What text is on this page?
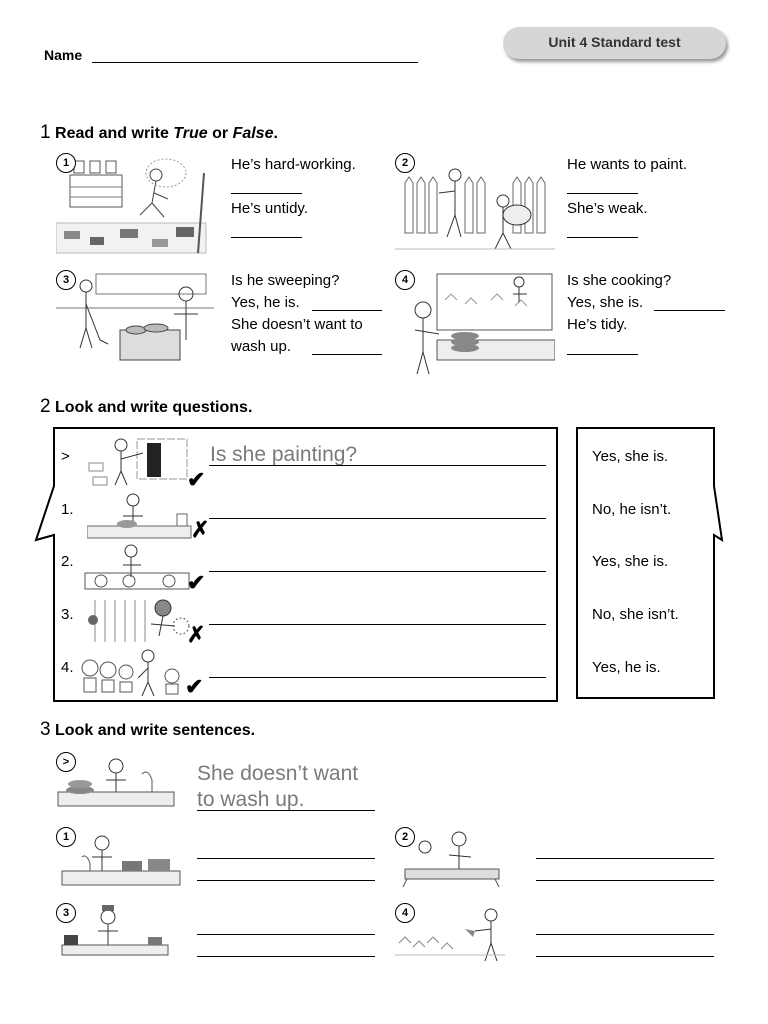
Name
Unit 4 Standard test
1 Read and write True or False.
1	He’s hard-working.
He’s untidy.
2	He wants to paint.
She’s weak.
3	Is he sweeping?
Yes, he is.
She doesn’t want to
wash up.
4	Is she cooking?
Yes, she is.
He’s tidy.
2 Look and write questions.
>
✔
Is she painting?	Yes, she is.
1.
✗
No, he isn’t.
2.
✔
Yes, she is.
3.
✗
No, she isn’t.
4.
✔
Yes, he is.
3 Look and write sentences.
>	She doesn’t want
to wash up.
1	2
3	4
